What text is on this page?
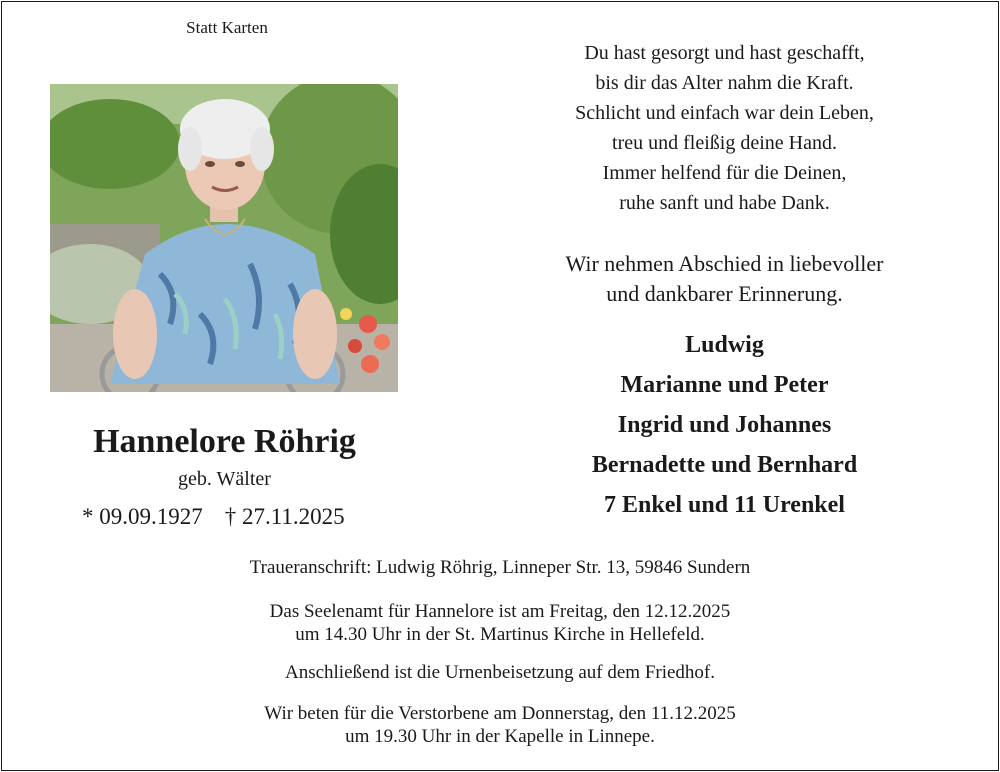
Statt Karten
Hannelore Röhrig
geb. Wälter
* 09.09.1927 † 27.11.2025
Du hast gesorgt und hast geschafft,
bis dir das Alter nahm die Kraft.
Schlicht und einfach war dein Leben,
treu und fleißig deine Hand.
Immer helfend für die Deinen,
ruhe sanft und habe Dank.
Wir nehmen Abschied in liebevoller
und dankbarer Erinnerung.
Ludwig
Marianne und Peter
Ingrid und Johannes
Bernadette und Bernhard
7 Enkel und 11 Urenkel
Traueranschrift: Ludwig Röhrig, Linneper Str. 13, 59846 Sundern
Das Seelenamt für Hannelore ist am Freitag, den 12.12.2025
um 14.30 Uhr in der St. Martinus Kirche in Hellefeld.
Anschließend ist die Urnenbeisetzung auf dem Friedhof.
Wir beten für die Verstorbene am Donnerstag, den 11.12.2025
um 19.30 Uhr in der Kapelle in Linnepe.
